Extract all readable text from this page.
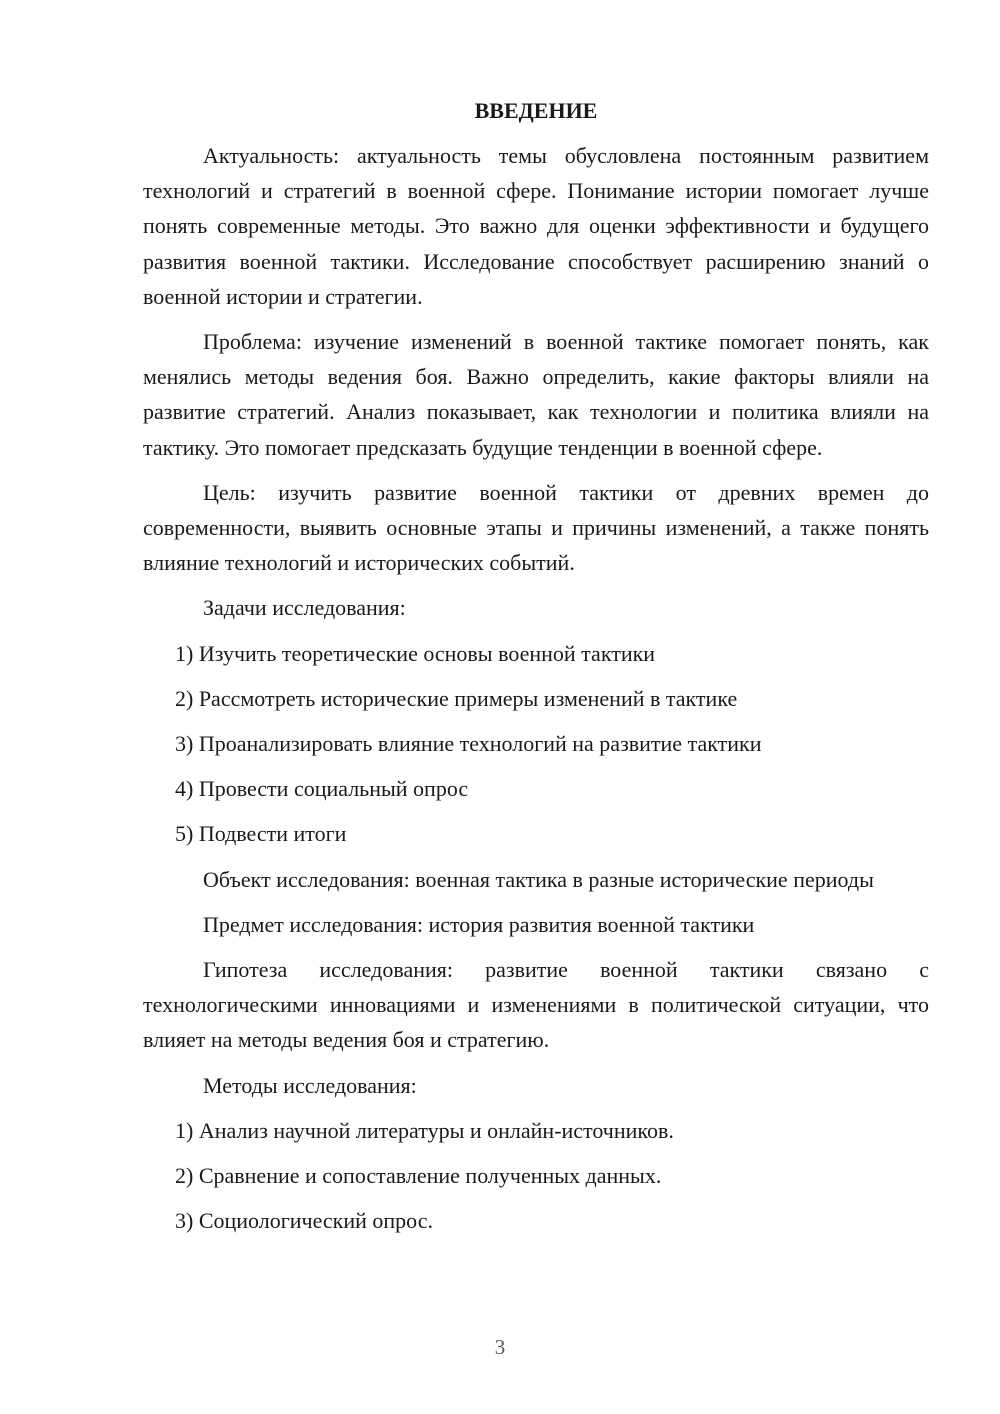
ВВЕДЕНИЕ

Актуальность: актуальность темы обусловлена постоянным развитием технологий и стратегий в военной сфере. Понимание истории помогает лучше понять современные методы. Это важно для оценки эффективности и будущего развития военной тактики. Исследование способствует расширению знаний о военной истории и стратегии.

Проблема: изучение изменений в военной тактике помогает понять, как менялись методы ведения боя. Важно определить, какие факторы влияли на развитие стратегий. Анализ показывает, как технологии и политика влияли на тактику. Это помогает предсказать будущие тенденции в военной сфере.

Цель: изучить развитие военной тактики от древних времен до современности, выявить основные этапы и причины изменений, а также понять влияние технологий и исторических событий.

Задачи исследования:

1) Изучить теоретические основы военной тактики
2) Рассмотреть исторические примеры изменений в тактике
3) Проанализировать влияние технологий на развитие тактики
4) Провести социальный опрос
5) Подвести итоги

Объект исследования: военная тактика в разные исторические периоды

Предмет исследования: история развития военной тактики

Гипотеза исследования: развитие военной тактики связано с технологическими инновациями и изменениями в политической ситуации, что влияет на методы ведения боя и стратегию.

Методы исследования:

1) Анализ научной литературы и онлайн-источников.
2) Сравнение и сопоставление полученных данных.
3) Социологический опрос.
3
